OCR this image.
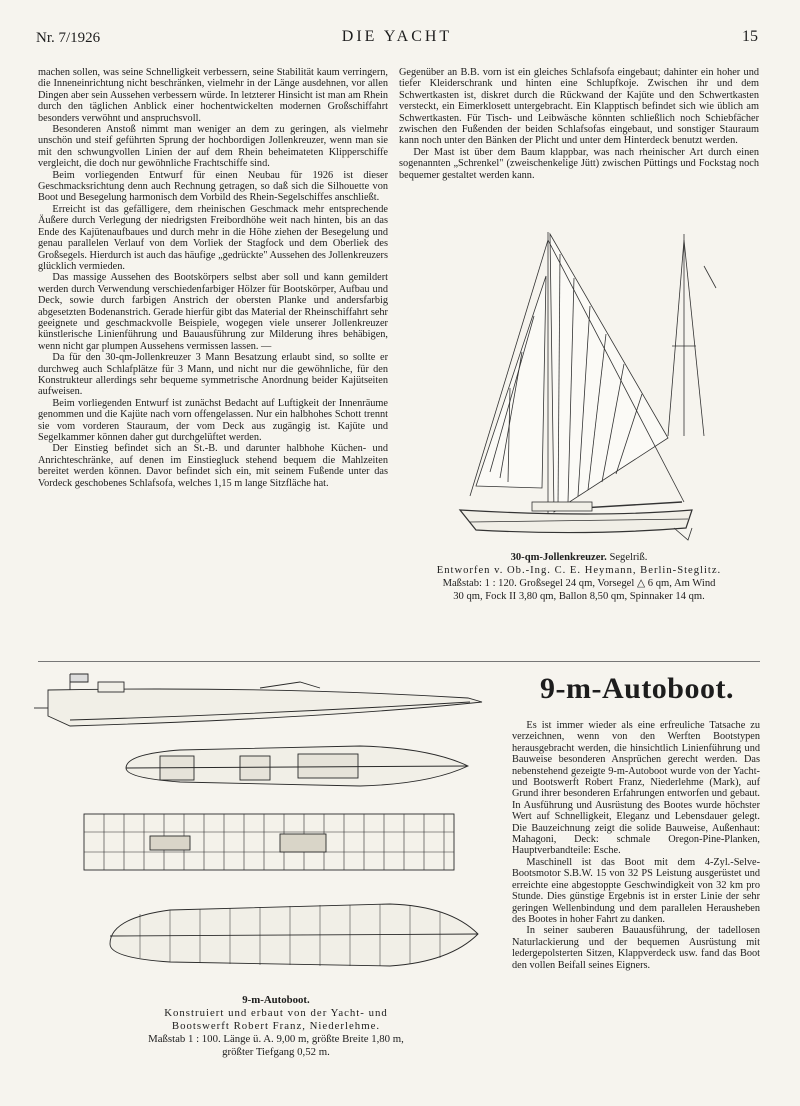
Nr. 7/1926	DIE YACHT	15

machen sollen, was seine Schnelligkeit verbessern, seine Stabilität kaum verringern, die Inneneinrichtung nicht beschränken, vielmehr in der Länge ausdehnen, vor allen Dingen aber sein Aussehen verbessern würde. In letzterer Hinsicht ist man am Rhein durch den täglichen Anblick einer hochentwickelten modernen Großschiffahrt besonders verwöhnt und anspruchsvoll.

Besonderen Anstoß nimmt man weniger an dem zu geringen, als vielmehr unschön und steif geführten Sprung der hochbordigen Jollenkreuzer, wenn man sie mit den schwungvollen Linien der auf dem Rhein beheimateten Klipperschiffe vergleicht, die doch nur gewöhnliche Frachtschiffe sind.

Beim vorliegenden Entwurf für einen Neubau für 1926 ist dieser Geschmacksrichtung denn auch Rechnung getragen, so daß sich die Silhouette von Boot und Besegelung harmonisch dem Vorbild des Rhein-Segelschiffes anschließt.

Erreicht ist das gefälligere, dem rheinischen Geschmack mehr entsprechende Äußere durch Verlegung der niedrigsten Freibordhöhe weit nach hinten, bis an das Ende des Kajütenaufbaues und durch mehr in die Höhe ziehen der Besegelung und genau parallelen Verlauf von dem Vorliek der Stagfock und dem Oberliek des Großsegels. Hierdurch ist auch das häufige „gedrückte" Aussehen des Jollenkreuzers glücklich vermieden.

Das massige Aussehen des Bootskörpers selbst aber soll und kann gemildert werden durch Verwendung verschiedenfarbiger Hölzer für Bootskörper, Aufbau und Deck, sowie durch farbigen Anstrich der obersten Planke und andersfarbig abgesetzten Bodenanstrich. Gerade hierfür gibt das Material der Rheinschiffahrt sehr geeignete und geschmackvolle Beispiele, wogegen viele unserer Jollenkreuzer künstlerische Linienführung und Bauausführung zur Milderung ihres behäbigen, wenn nicht gar plumpen Aussehens vermissen lassen. —

Da für den 30-qm-Jollenkreuzer 3 Mann Besatzung erlaubt sind, so sollte er durchweg auch Schlafplätze für 3 Mann, und nicht nur die gewöhnliche, für den Konstrukteur allerdings sehr bequeme symmetrische Anordnung beider Kajütseiten aufweisen.

Beim vorliegenden Entwurf ist zunächst Bedacht auf Luftigkeit der Innenräume genommen und die Kajüte nach vorn offengelassen. Nur ein halbhohes Schott trennt sie vom vorderen Stauraum, der vom Deck aus zugängig ist. Kajüte und Segelkammer können daher gut durchgelüftet werden.

Der Einstieg befindet sich an St.-B. und darunter halbhohe Küchen- und Anrichteschränke, auf denen im Einstiegluck stehend bequem die Mahlzeiten bereitet werden können. Davor befindet sich ein, mit seinem Fußende unter das Vordeck geschobenes Schlafsofa, welches 1,15 m lange Sitzfläche hat.

Gegenüber an B.B. vorn ist ein gleiches Schlafsofa eingebaut; dahinter ein hoher und tiefer Kleiderschrank und hinten eine Schlupfkoje. Zwischen ihr und dem Schwertkasten ist, diskret durch die Rückwand der Kajüte und den Schwertkasten versteckt, ein Eimerklosett untergebracht. Ein Klapptisch befindet sich wie üblich am Schwertkasten. Für Tisch- und Leibwäsche könnten schließlich noch Schiebfächer zwischen den Fußenden der beiden Schlafsofas eingebaut, und sonstiger Stauraum kann noch unter den Bänken der Plicht und unter dem Hinterdeck benutzt werden.

Der Mast ist über dem Baum klappbar, was nach rheinischer Art durch einen sogenannten „Schrenkel" (zweischenkelige Jütt) zwischen Püttings und Fockstag noch bequemer gestaltet werden kann.

30-qm-Jollenkreuzer. Segelriß.
Entworfen v. Ob.-Ing. C. E. Heymann, Berlin-Steglitz.
Maßstab: 1 : 120. Großsegel 24 qm, Vorsegel △ 6 qm, Am Wind
30 qm, Fock II 3,80 qm, Ballon 8,50 qm, Spinnaker 14 qm.
9-m-Autoboot.
Konstruiert und erbaut von der Yacht- und
Bootswerft Robert Franz, Niederlehme.
Maßstab 1 : 100. Länge ü. A. 9,00 m, größte Breite 1,80 m,
größter Tiefgang 0,52 m.
9-m-Autoboot.

Es ist immer wieder als eine erfreuliche Tatsache zu verzeichnen, wenn von den Werften Bootstypen herausgebracht werden, die hinsichtlich Linienführung und Bauweise besonderen Ansprüchen gerecht werden. Das nebenstehend gezeigte 9-m-Autoboot wurde von der Yacht- und Bootswerft Robert Franz, Niederlehme (Mark), auf Grund ihrer besonderen Erfahrungen entworfen und gebaut. In Ausführung und Ausrüstung des Bootes wurde höchster Wert auf Schnelligkeit, Eleganz und Lebensdauer gelegt. Die Bauzeichnung zeigt die solide Bauweise, Außenhaut: Mahagoni, Deck: schmale Oregon-Pine-Planken, Hauptverbandteile: Esche.

Maschinell ist das Boot mit dem 4-Zyl.-Selve-Bootsmotor S.B.W. 15 von 32 PS Leistung ausgerüstet und erreichte eine abgestoppte Geschwindigkeit von 32 km pro Stunde. Dies günstige Ergebnis ist in erster Linie der sehr geringen Wellenbindung und dem parallelen Herausheben des Bootes in hoher Fahrt zu danken.

In seiner sauberen Bauausführung, der tadellosen Naturlackierung und der bequemen Ausrüstung mit ledergepolsterten Sitzen, Klappverdeck usw. fand das Boot den vollen Beifall seines Eigners.
